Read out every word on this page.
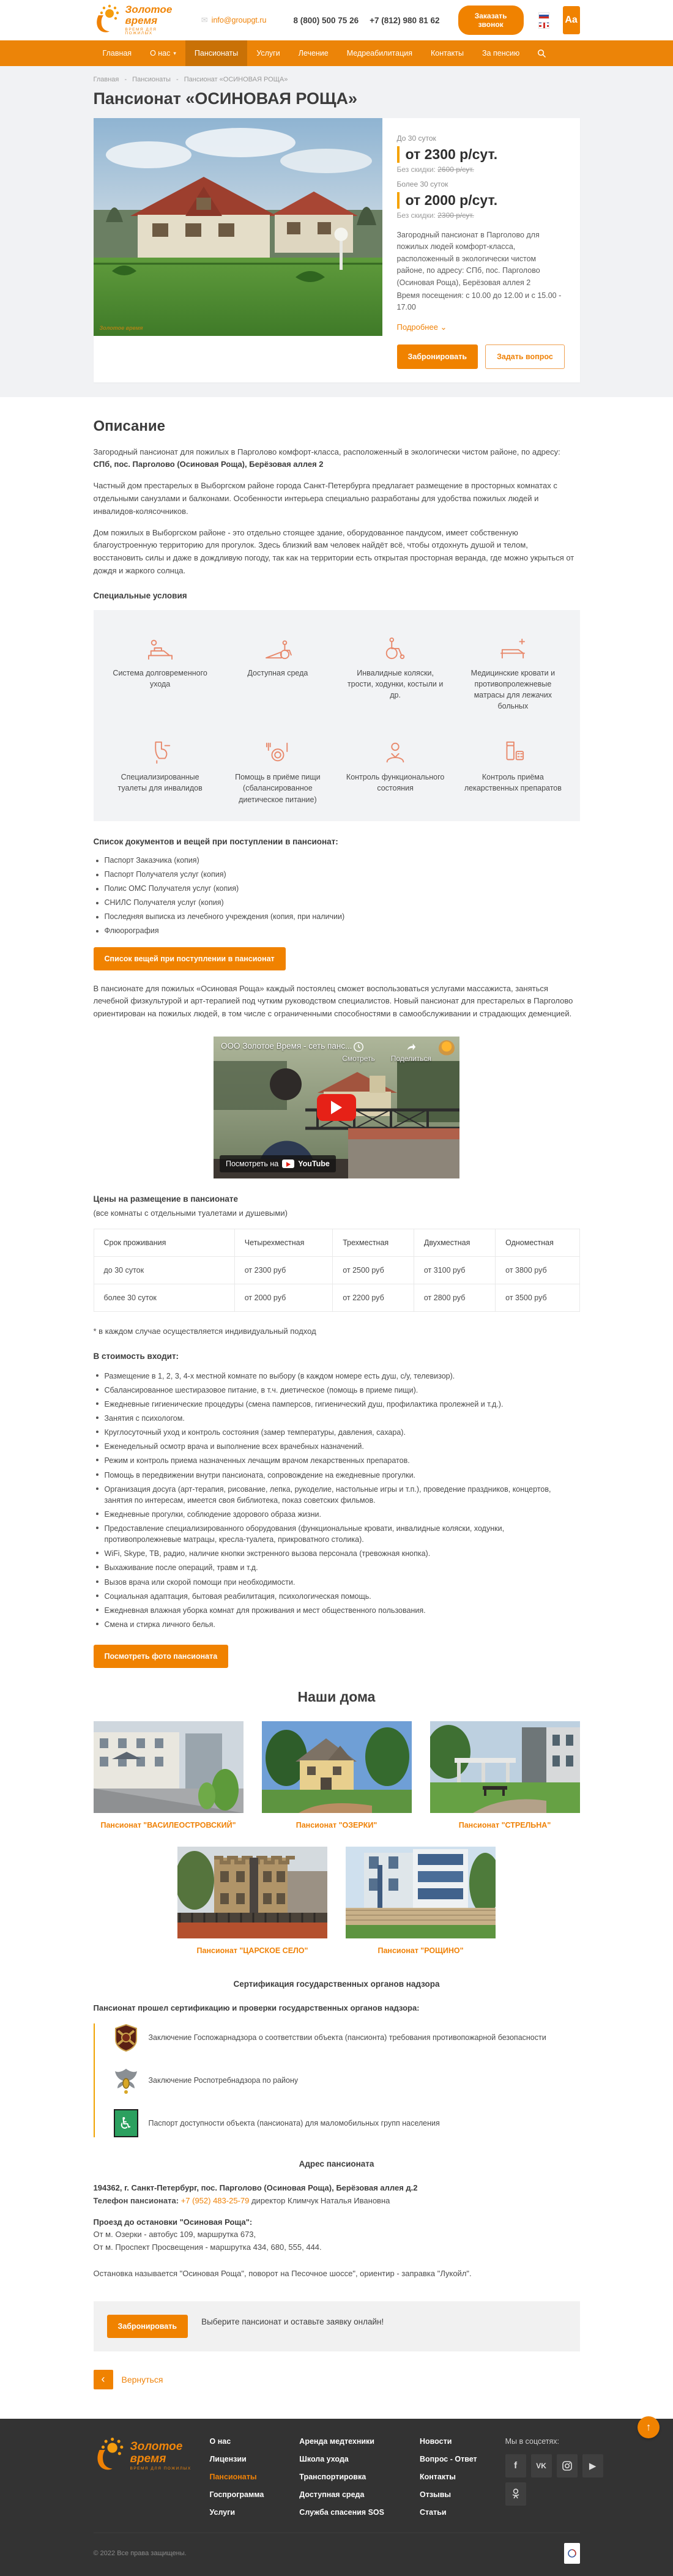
Золотое время
ВРЕМЯ ДЛЯ ПОЖИЛЫХ
✉ info@groupgt.ru	8 (800) 500 75 26 +7 (812) 980 81 62	Заказать звонок	Aa
Главная О нас ▾ Пансионаты Услуги Лечение Медреабилитация Контакты За пенсию
Главная - Пансионаты - Пансионат «ОСИНОВАЯ РОЩА»
Пансионат «ОСИНОВАЯ РОЩА»
Золотое время
До 30 суток
от 2300 р/сут.
Без скидки: 2600 р/сут.
Более 30 суток
от 2000 р/сут.
Без скидки: 2300 р/сут.
Загородный пансионат в Парголово для пожилых людей комфорт-класса, расположенный в экологически чистом районе, по адресу: СПб, пос. Парголово (Осиновая Роща), Берёзовая аллея 2
Время посещения: с 10.00 до 12.00 и с 15.00 - 17.00
Подробнее ⌄
Забронировать	Задать вопрос
Описание

Загородный пансионат для пожилых в Парголово комфорт-класса, расположенный в экологически чистом районе, по адресу: СПб, пос. Парголово (Осиновая Роща), Берёзовая аллея 2

Частный дом престарелых в Выборгском районе города Санкт-Петербурга предлагает размещение в просторных комнатах с отдельными санузлами и балконами. Особенности интерьера специально разработаны для удобства пожилых людей и инвалидов-колясочников.

Дом пожилых в Выборгском районе - это отдельно стоящее здание, оборудованное пандусом, имеет собственную благоустроенную территорию для прогулок. Здесь близкий вам человек найдёт всё, чтобы отдохнуть душой и телом, восстановить силы и даже в дождливую погоду, так как на территории есть открытая просторная веранда, где можно укрыться от дождя и жаркого солнца.

Специальные условия
Система долговременного ухода
Доступная среда	Инвалидные коляски, трости, ходунки, костыли и др.
Медицинские кровати и противопролежневые матрасы для лежачих больных
Специализированные туалеты для инвалидов
Помощь в приёме пищи (сбалансированное диетическое питание)
Контроль функционального состояния
Контроль приёма лекарственных препаратов
Список документов и вещей при поступлении в пансионат:
Паспорт Заказчика (копия)
Паспорт Получателя услуг (копия)
Полис ОМС Получателя услуг (копия)
СНИЛС Получателя услуг (копия)
Последняя выписка из лечебного учреждения (копия, при наличии)
Флюорография
Список вещей при поступлении в пансионат

В пансионате для пожилых «Осиновая Роща» каждый постоялец сможет воспользоваться услугами массажиста, заняться лечебной физкультурой и арт-терапией под чутким руководством специалистов. Новый пансионат для престарелых в Парголово ориентирован на пожилых людей, в том числе с ограниченными способностями в самообслуживании и страдающих деменцией.

ООО Золотое Время - сеть панс...
Смотреть Поделиться
Посмотреть на	YouTube
Цены на размещение в пансионате

(все комнаты с отдельными туалетами и душевыми)

Срок проживания	Четырехместная	Трехместная	Двухместная	Одноместная
до 30 суток	от 2300 руб	от 2500 руб	от 3100 руб	от 3800 руб
более 30 суток	от 2000 руб	от 2200 руб	от 2800 руб	от 3500 руб

* в каждом случае осуществляется индивидуальный подход

В стоимость входит:
Размещение в 1, 2, 3, 4-х местной комнате по выбору (в каждом номере есть душ, с/у, телевизор).
Сбалансированное шестиразовое питание, в т.ч. диетическое (помощь в приеме пищи).
Ежедневные гигиенические процедуры (смена памперсов, гигиенический душ, профилактика пролежней и т.д.).
Занятия с психологом.
Круглосуточный уход и контроль состояния (замер температуры, давления, сахара).
Еженедельный осмотр врача и выполнение всех врачебных назначений.
Режим и контроль приема назначенных лечащим врачом лекарственных препаратов.
Помощь в передвижении внутри пансионата, сопровождение на ежедневные прогулки.
Организация досуга (арт-терапия, рисование, лепка, рукоделие, настольные игры и т.п.), проведение праздников, концертов, занятия по интересам, имеется своя библиотека, показ советских фильмов.
Ежедневные прогулки, соблюдение здорового образа жизни.
Предоставление специализированного оборудования (функциональные кровати, инвалидные коляски, ходунки, противопролежневые матрацы, кресла-туалета, прикроватного столика).
WiFi, Skype, ТВ, радио, наличие кнопки экстренного вызова персонала (тревожная кнопка).
Выхаживание после операций, травм и т.д.
Вызов врача или скорой помощи при необходимости.
Социальная адаптация, бытовая реабилитация, психологическая помощь.
Ежедневная влажная уборка комнат для проживания и мест общественного пользования.
Смена и стирка личного белья.
Посмотреть фото пансионата
Наши дома
Пансионат "ВАСИЛЕОСТРОВСКИЙ"	Пансионат "ОЗЕРКИ"	Пансионат "СТРЕЛЬНА"
Пансионат "ЦАРСКОЕ СЕЛО"	Пансионат "РОЩИНО"
Сертификация государственных органов надзора
Пансионат прошел сертификацию и проверки государственных органов надзора:
Заключение Госпожарнадзора о соответствии объекта (пансионта) требования противопожарной безопасности
Заключение Роспотребнадзора по району
♿	Паспорт доступности объекта (пансионата) для маломобильных групп населения
Адрес пансионата
194362, г. Санкт-Петербург, пос. Парголово (Осиновая Роща), Берёзовая аллея д.2
Телефон пансионата: +7 (952) 483-25-79 директор Климчук Наталья Ивановна
Проезд до остановки "Осиновая Роща":
От м. Озерки - автобус 109, маршрутка 673,
От м. Проспект Просвещения - маршрутка 434, 680, 555, 444.
Остановка называется "Осиновая Роща", поворот на Песочное шоссе", ориентир - заправка "Лукойл".
Забронировать	Выберите пансионат и оставьте заявку онлайн!
‹	Вернуться
↑
Золотое время
ВРЕМЯ ДЛЯ ПОЖИЛЫХ
О нас
Лицензии
Пансионаты
Госпрограмма
Услуги
Аренда медтехники
Школа ухода
Транспортировка
Доступная среда
Служба спасения SOS
Новости
Вопрос - Ответ
Контакты
Отзывы
Статьи
Мы в соцсетях:
f	VK	▶
© 2022 Все права защищены.
